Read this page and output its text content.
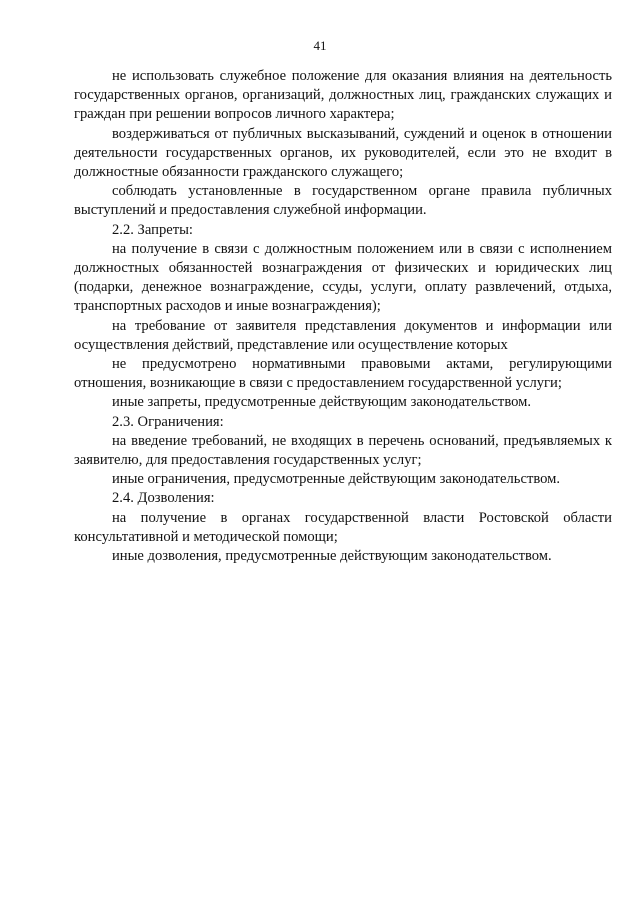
41

не использовать служебное положение для оказания влияния на деятельность государственных органов, организаций, должностных лиц, гражданских служащих и граждан при решении вопросов личного характера;

воздерживаться от публичных высказываний, суждений и оценок в отношении деятельности государственных органов, их руководителей, если это не входит в должностные обязанности гражданского служащего;

соблюдать установленные в государственном органе правила публичных выступлений и предоставления служебной информации.

2.2. Запреты:

на получение в связи с должностным положением или в связи с исполнением должностных обязанностей вознаграждения от физических и юридических лиц (подарки, денежное вознаграждение, ссуды, услуги, оплату развлечений, отдыха, транспортных расходов и иные вознаграждения);

на требование от заявителя представления документов и информации или осуществления действий, представление или осуществление которых

не предусмотрено нормативными правовыми актами, регулирующими отношения, возникающие в связи с предоставлением государственной услуги;

иные запреты, предусмотренные действующим законодательством.

2.3. Ограничения:

на введение требований, не входящих в перечень оснований, предъявляемых к заявителю, для предоставления государственных услуг;

иные ограничения, предусмотренные действующим законодательством.

2.4. Дозволения:

на получение в органах государственной власти Ростовской области консультативной и методической помощи;

иные дозволения, предусмотренные действующим законодательством.
